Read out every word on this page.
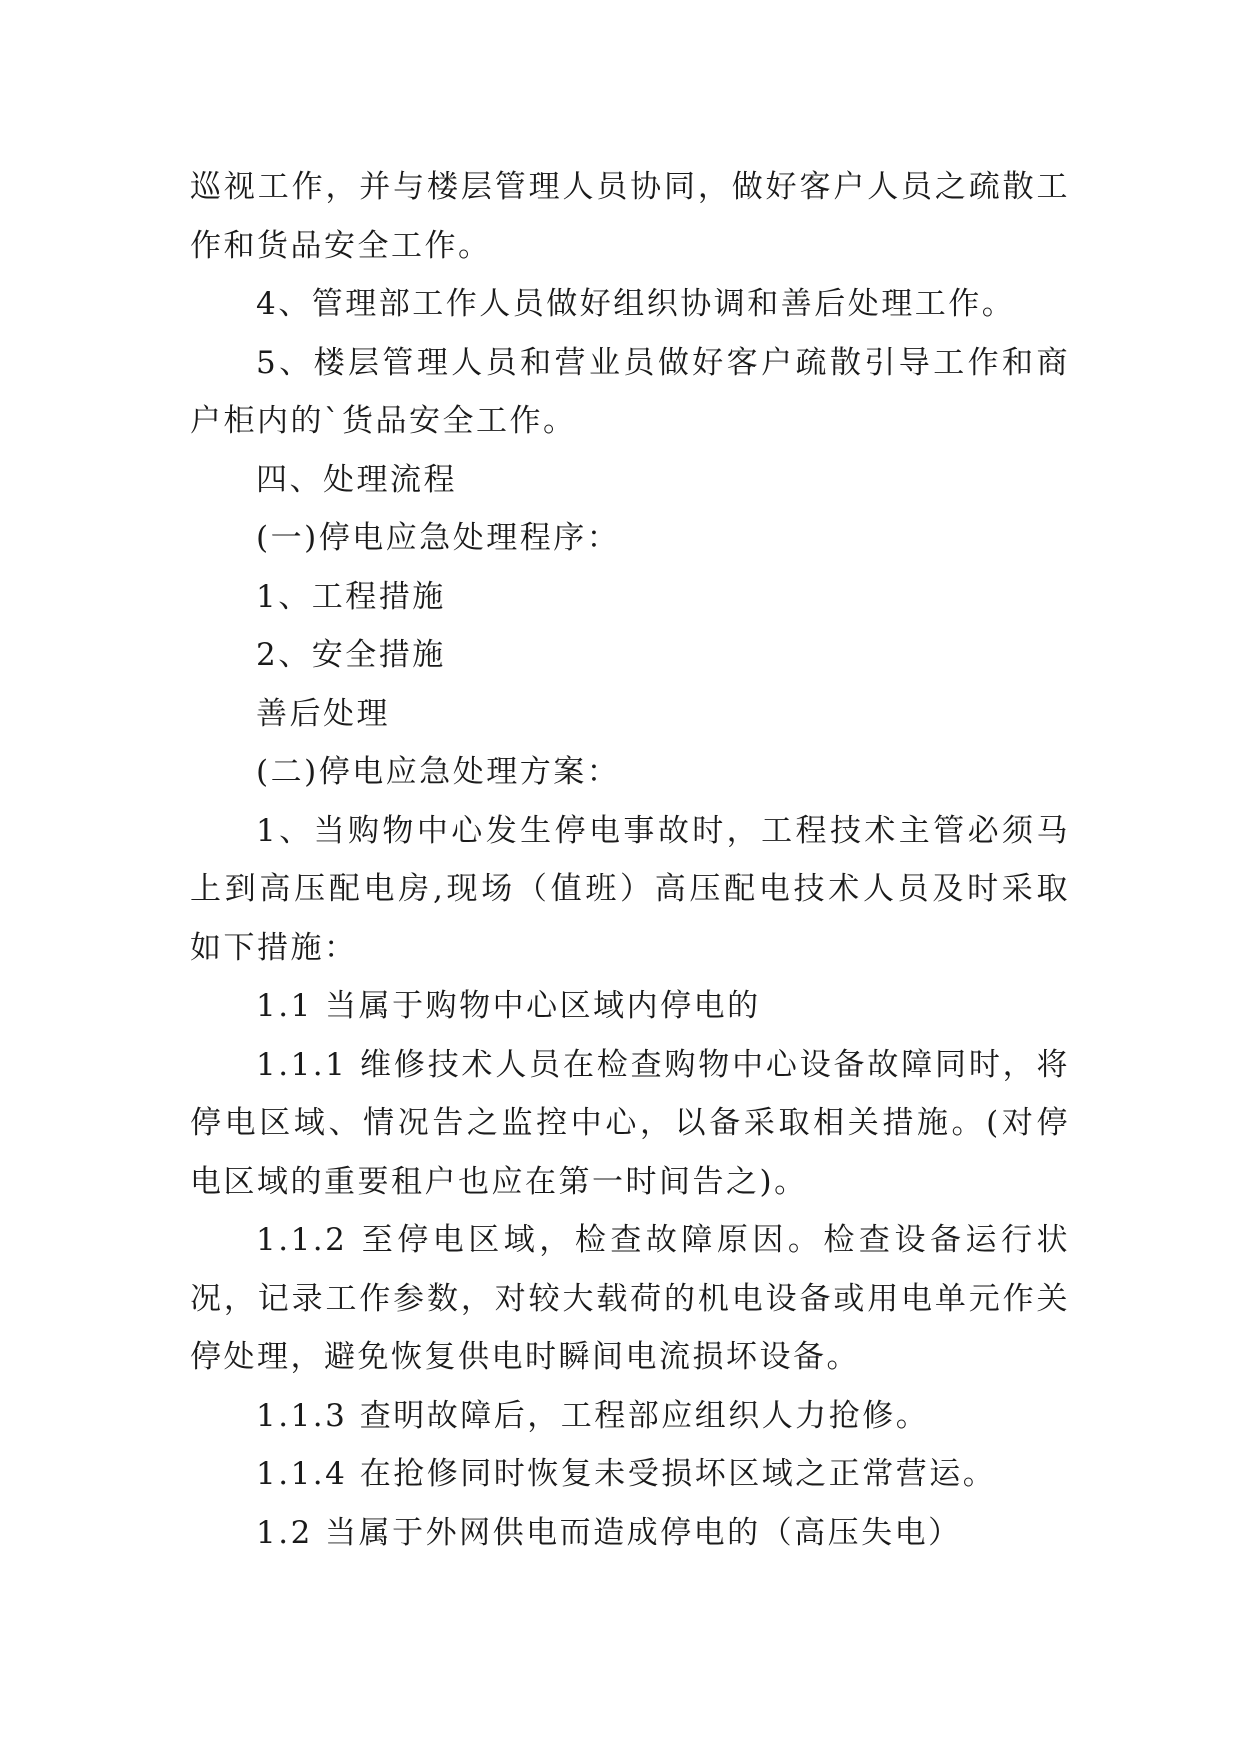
巡视工作，并与楼层管理人员协同，做好客户人员之疏散工作和货品安全工作。

4、管理部工作人员做好组织协调和善后处理工作。

5、楼层管理人员和营业员做好客户疏散引导工作和商户柜内的`货品安全工作。

四、处理流程

(一)停电应急处理程序：

1、工程措施

2、安全措施

善后处理

(二)停电应急处理方案：

1、当购物中心发生停电事故时，工程技术主管必须马上到高压配电房,现场（值班）高压配电技术人员及时采取如下措施：

1.1 当属于购物中心区域内停电的

1.1.1 维修技术人员在检查购物中心设备故障同时，将停电区域、情况告之监控中心，以备采取相关措施。(对停电区域的重要租户也应在第一时间告之)。

1.1.2 至停电区域，检查故障原因。检查设备运行状况，记录工作参数，对较大载荷的机电设备或用电单元作关停处理，避免恢复供电时瞬间电流损坏设备。

1.1.3 查明故障后，工程部应组织人力抢修。

1.1.4 在抢修同时恢复未受损坏区域之正常营运。

1.2 当属于外网供电而造成停电的（高压失电）
